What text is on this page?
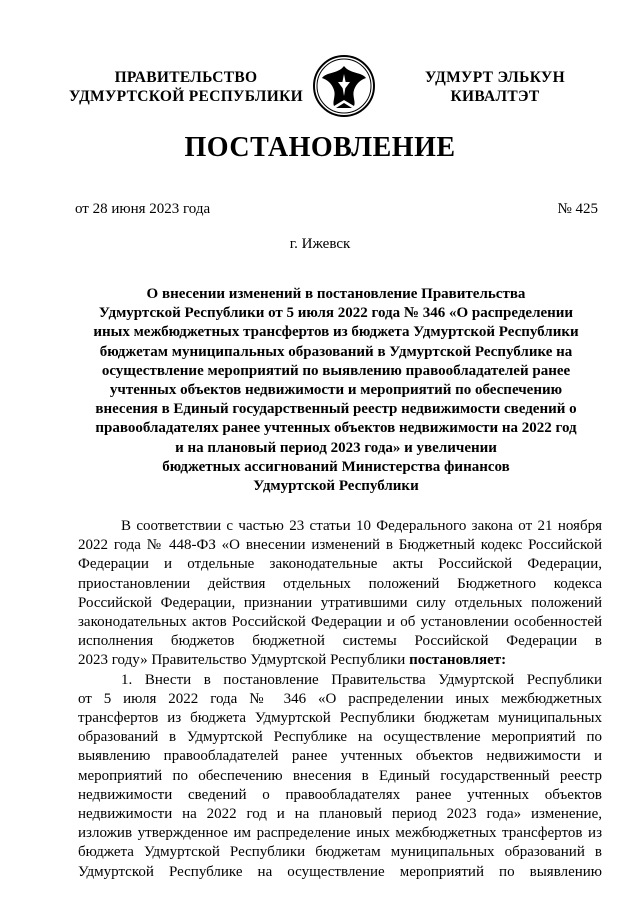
ПРАВИТЕЛЬСТВО
УДМУРТСКОЙ РЕСПУБЛИКИ
УДМУРТ ЭЛЬКУН
КИВАЛТЭТ
ПОСТАНОВЛЕНИЕ
от 28 июня 2023 года	№ 425
г. Ижевск
О внесении изменений в постановление Правительства
Удмуртской Республики от 5 июля 2022 года № 346 «О распределении
иных межбюджетных трансфертов из бюджета Удмуртской Республики
бюджетам муниципальных образований в Удмуртской Республике на
осуществление мероприятий по выявлению правообладателей ранее
учтенных объектов недвижимости и мероприятий по обеспечению
внесения в Единый государственный реестр недвижимости сведений о
правообладателях ранее учтенных объектов недвижимости на 2022 год
и на плановый период 2023 года» и увеличении
бюджетных ассигнований Министерства финансов
Удмуртской Республики
В соответствии с частью 23 статьи 10 Федерального закона от 21 ноября
2022 года № 448-ФЗ «О внесении изменений в Бюджетный кодекс Российской
Федерации и отдельные законодательные акты Российской Федерации,
приостановлении действия отдельных положений Бюджетного кодекса
Российской Федерации, признании утратившими силу отдельных положений
законодательных актов Российской Федерации и об установлении особенностей
исполнения бюджетов бюджетной системы Российской Федерации в
2023 году» Правительство Удмуртской Республики постановляет:
1. Внести в постановление Правительства Удмуртской Республики
от 5 июля 2022 года № 346 «О распределении иных межбюджетных
трансфертов из бюджета Удмуртской Республики бюджетам муниципальных
образований в Удмуртской Республике на осуществление мероприятий по
выявлению правообладателей ранее учтенных объектов недвижимости и
мероприятий по обеспечению внесения в Единый государственный реестр
недвижимости сведений о правообладателях ранее учтенных объектов
недвижимости на 2022 год и на плановый период 2023 года» изменение,
изложив утвержденное им распределение иных межбюджетных трансфертов из
бюджета Удмуртской Республики бюджетам муниципальных образований в
Удмуртской Республике на осуществление мероприятий по выявлению
